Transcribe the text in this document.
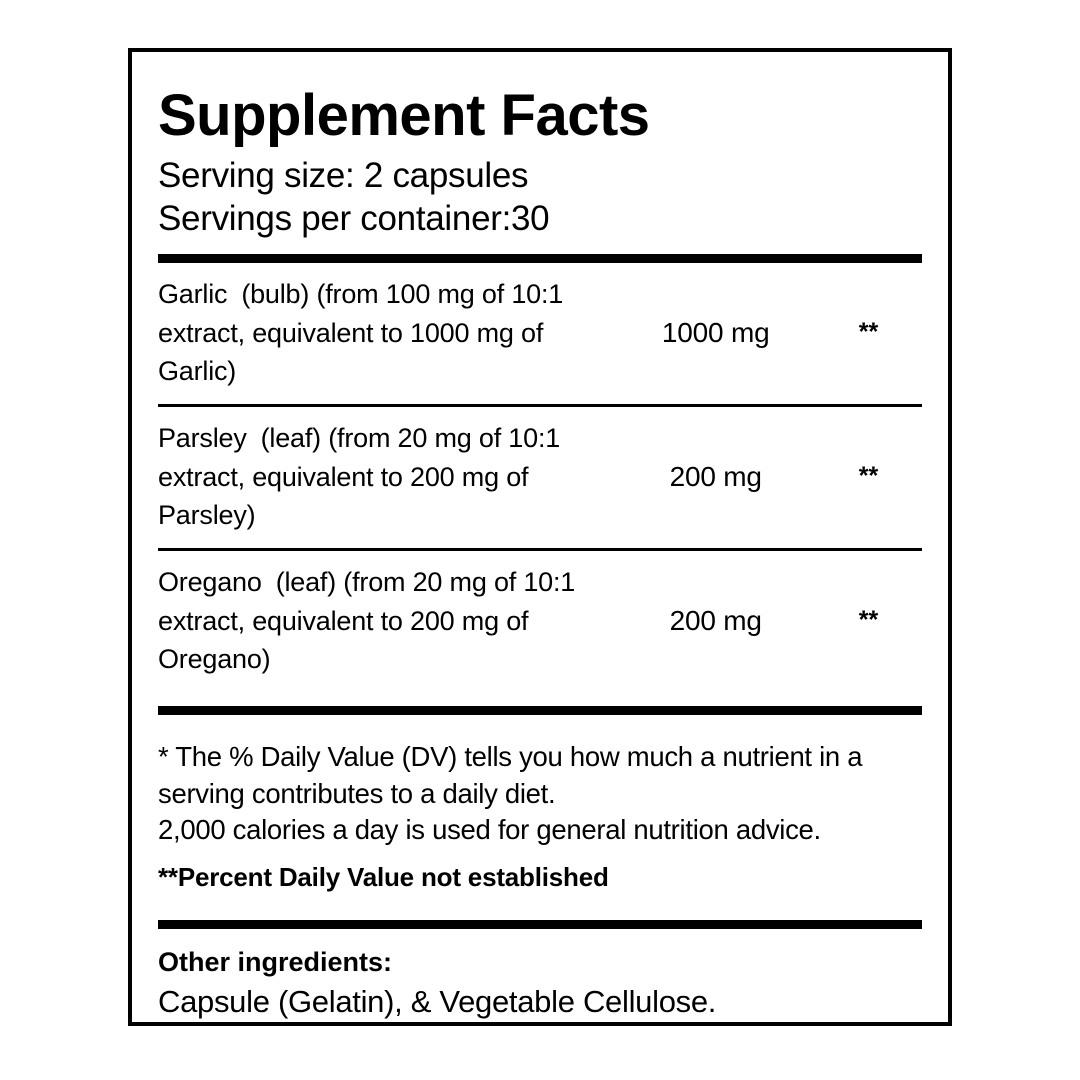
Supplement Facts
Serving size: 2 capsules
Servings per container:30
Garlic (bulb) (from 100 mg of 10:1 extract, equivalent to 1000 mg of Garlic)	1000 mg	**

Parsley (leaf) (from 20 mg of 10:1 extract, equivalent to 200 mg of Parsley)	200 mg	**

Oregano (leaf) (from 20 mg of 10:1 extract, equivalent to 200 mg of Oregano)	200 mg	**
* The % Daily Value (DV) tells you how much a nutrient in a serving contributes to a daily diet.
2,000 calories a day is used for general nutrition advice.
**Percent Daily Value not established
Other ingredients:
Capsule (Gelatin), & Vegetable Cellulose.
